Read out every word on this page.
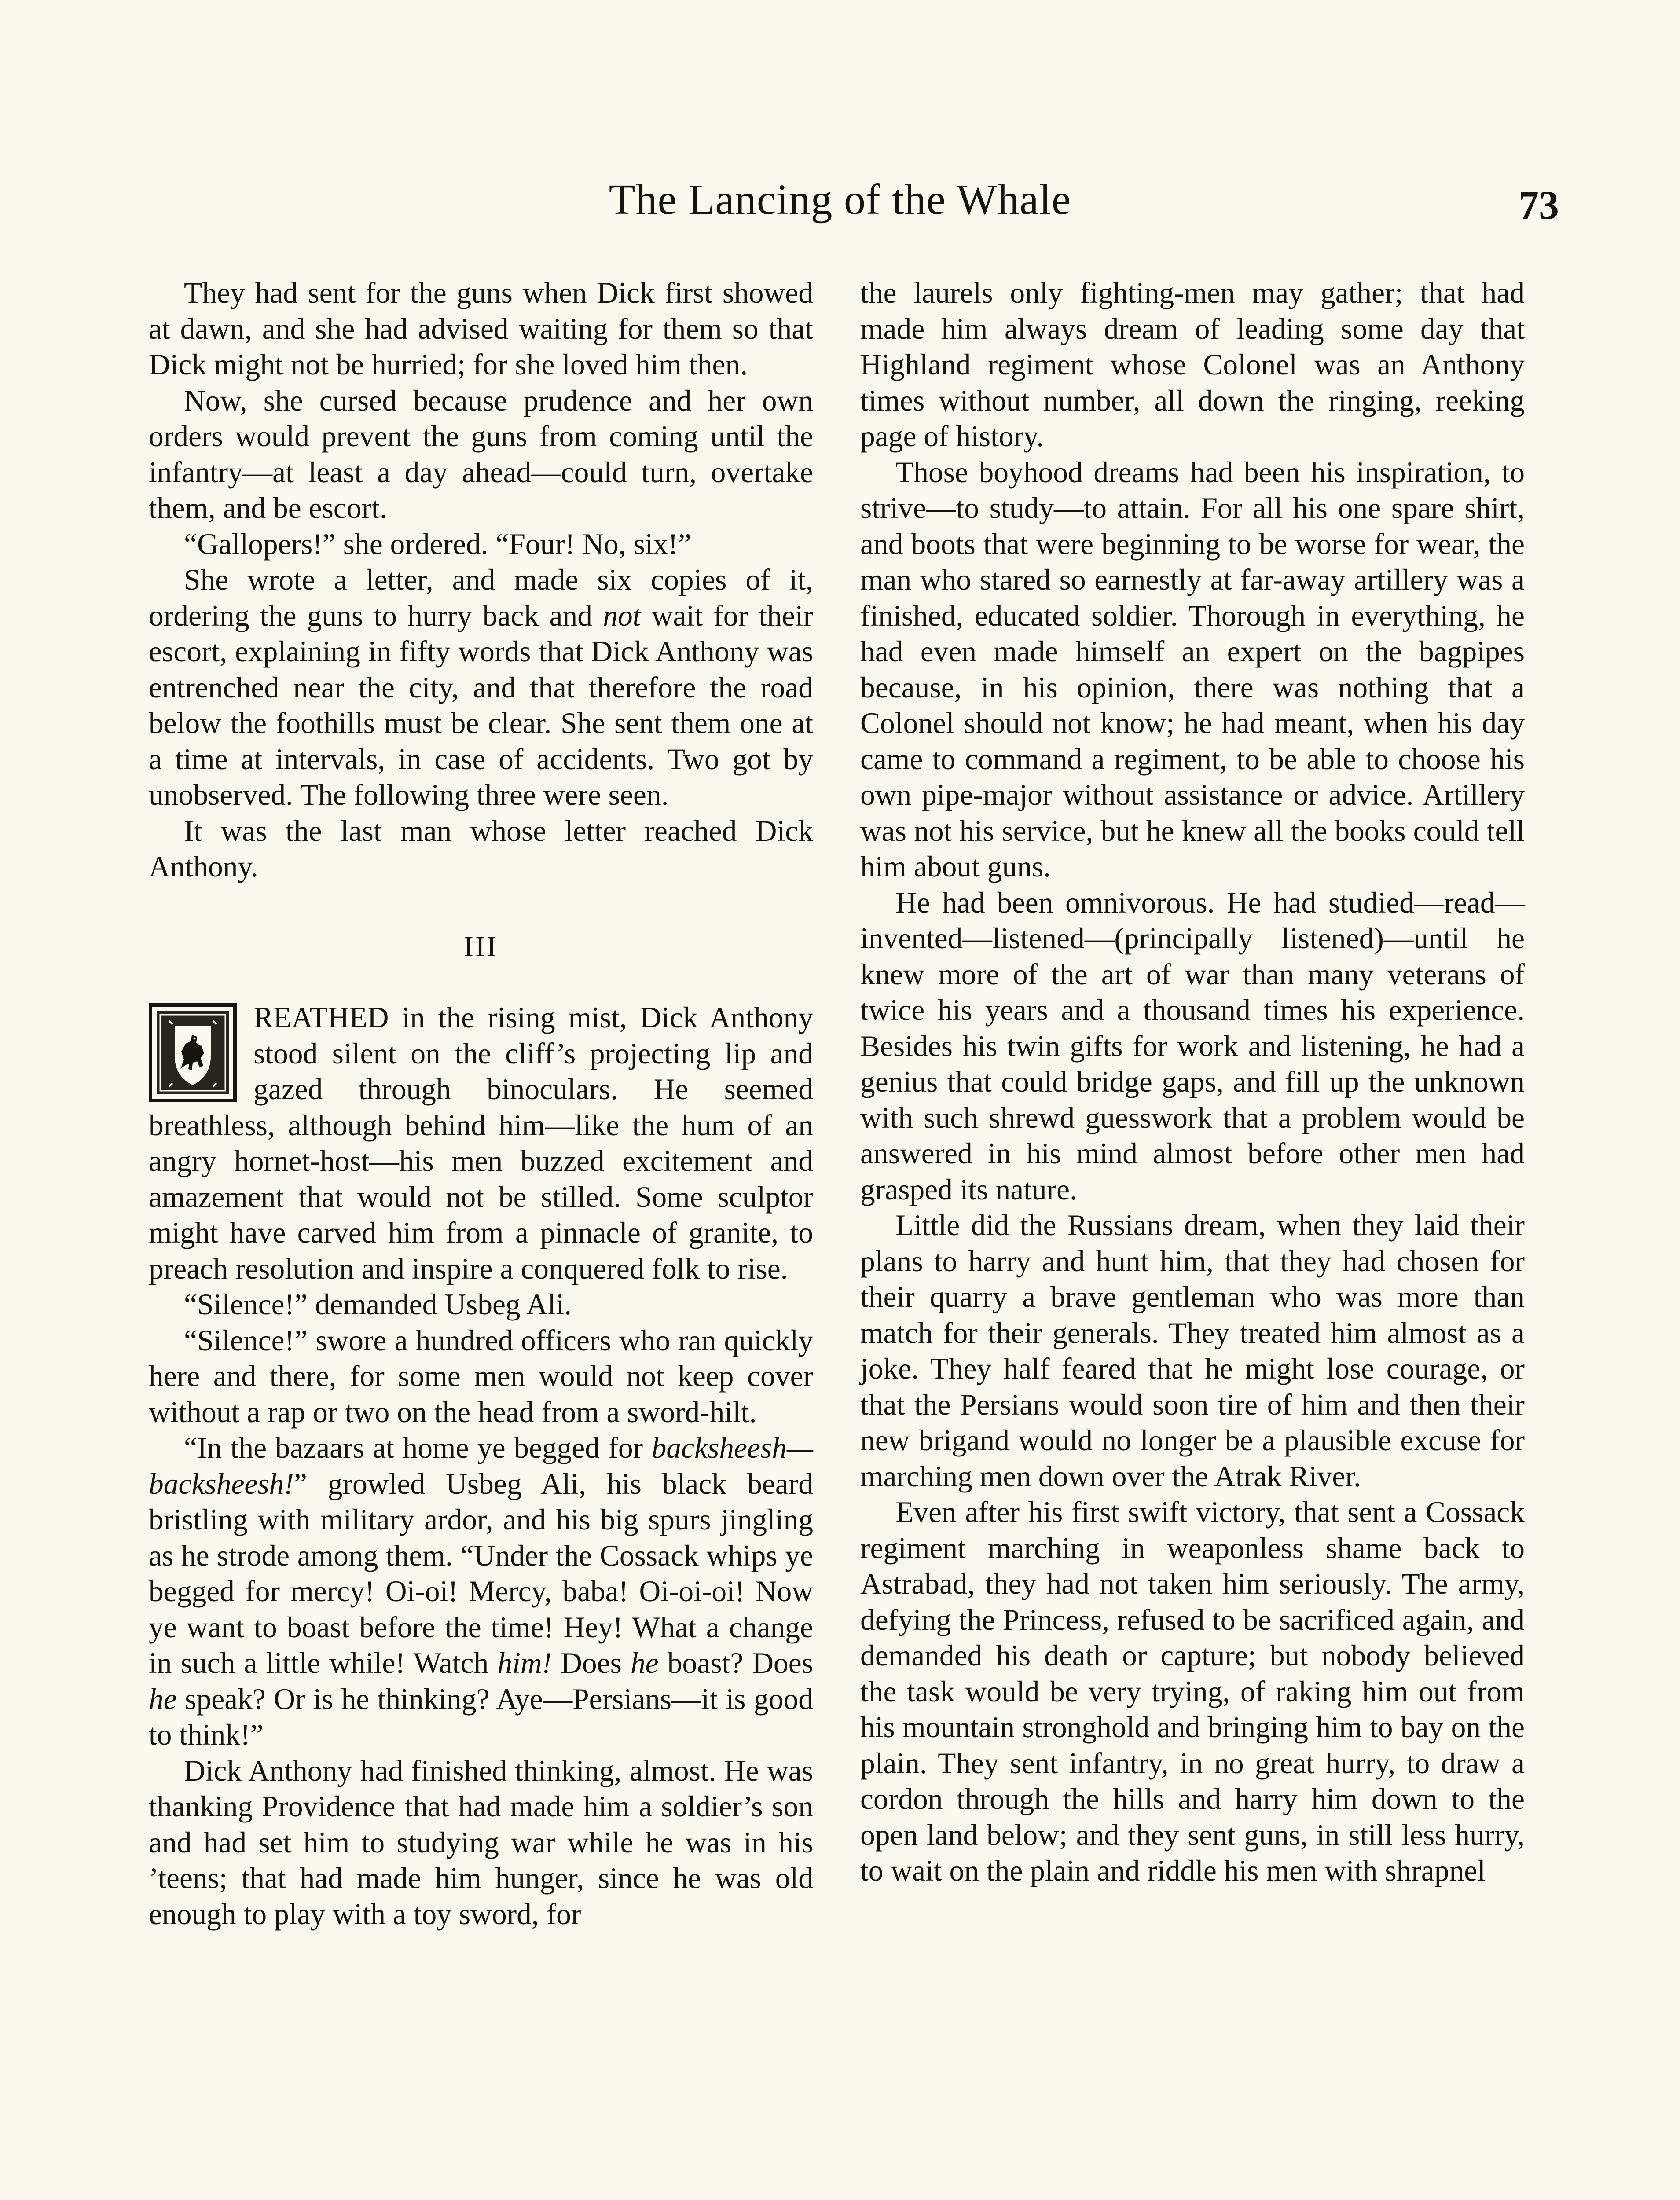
The Lancing of the Whale	73

They had sent for the guns when Dick first showed at dawn, and she had advised waiting for them so that Dick might not be hurried; for she loved him then.

Now, she cursed because prudence and her own orders would prevent the guns from coming until the infantry—at least a day ahead—could turn, overtake them, and be escort.

“Gallopers!” she ordered. “Four! No, six!”

She wrote a letter, and made six copies of it, ordering the guns to hurry back and not wait for their escort, explaining in fifty words that Dick Anthony was entrenched near the city, and that therefore the road below the foothills must be clear. She sent them one at a time at intervals, in case of accidents. Two got by unobserved. The following three were seen.

It was the last man whose letter reached Dick Anthony.

III

REATHED in the rising mist, Dick Anthony stood silent on the cliff’s projecting lip and gazed through binoculars. He seemed breathless, although behind him—like the hum of an angry hornet-host—his men buzzed excitement and amazement that would not be stilled. Some sculptor might have carved him from a pinnacle of granite, to preach resolution and inspire a conquered folk to rise.

“Silence!” demanded Usbeg Ali.

“Silence!” swore a hundred officers who ran quickly here and there, for some men would not keep cover without a rap or two on the head from a sword-hilt.

“In the bazaars at home ye begged for backsheesh—backsheesh!” growled Usbeg Ali, his black beard bristling with military ardor, and his big spurs jingling as he strode among them. “Under the Cossack whips ye begged for mercy! Oi-oi! Mercy, baba! Oi-oi-oi! Now ye want to boast before the time! Hey! What a change in such a little while! Watch him! Does he boast? Does he speak? Or is he thinking? Aye—Persians—it is good to think!”

Dick Anthony had finished thinking, almost. He was thanking Providence that had made him a soldier’s son and had set him to studying war while he was in his ’teens; that had made him hunger, since he was old enough to play with a toy sword, for

the laurels only fighting-men may gather; that had made him always dream of leading some day that Highland regiment whose Colonel was an Anthony times without number, all down the ringing, reeking page of history.

Those boyhood dreams had been his inspiration, to strive—to study—to attain. For all his one spare shirt, and boots that were beginning to be worse for wear, the man who stared so earnestly at far-away artillery was a finished, educated soldier. Thorough in everything, he had even made himself an expert on the bagpipes because, in his opinion, there was nothing that a Colonel should not know; he had meant, when his day came to command a regiment, to be able to choose his own pipe-major without assistance or advice. Artillery was not his service, but he knew all the books could tell him about guns.

He had been omnivorous. He had studied—read—invented—listened—(principally listened)—until he knew more of the art of war than many veterans of twice his years and a thousand times his experience. Besides his twin gifts for work and listening, he had a genius that could bridge gaps, and fill up the unknown with such shrewd guesswork that a problem would be answered in his mind almost before other men had grasped its nature.

Little did the Russians dream, when they laid their plans to harry and hunt him, that they had chosen for their quarry a brave gentleman who was more than match for their generals. They treated him almost as a joke. They half feared that he might lose courage, or that the Persians would soon tire of him and then their new brigand would no longer be a plausible excuse for marching men down over the Atrak River.

Even after his first swift victory, that sent a Cossack regiment marching in weaponless shame back to Astrabad, they had not taken him seriously. The army, defying the Princess, refused to be sacrificed again, and demanded his death or capture; but nobody believed the task would be very trying, of raking him out from his mountain stronghold and bringing him to bay on the plain. They sent infantry, in no great hurry, to draw a cordon through the hills and harry him down to the open land below; and they sent guns, in still less hurry, to wait on the plain and riddle his men with shrapnel
